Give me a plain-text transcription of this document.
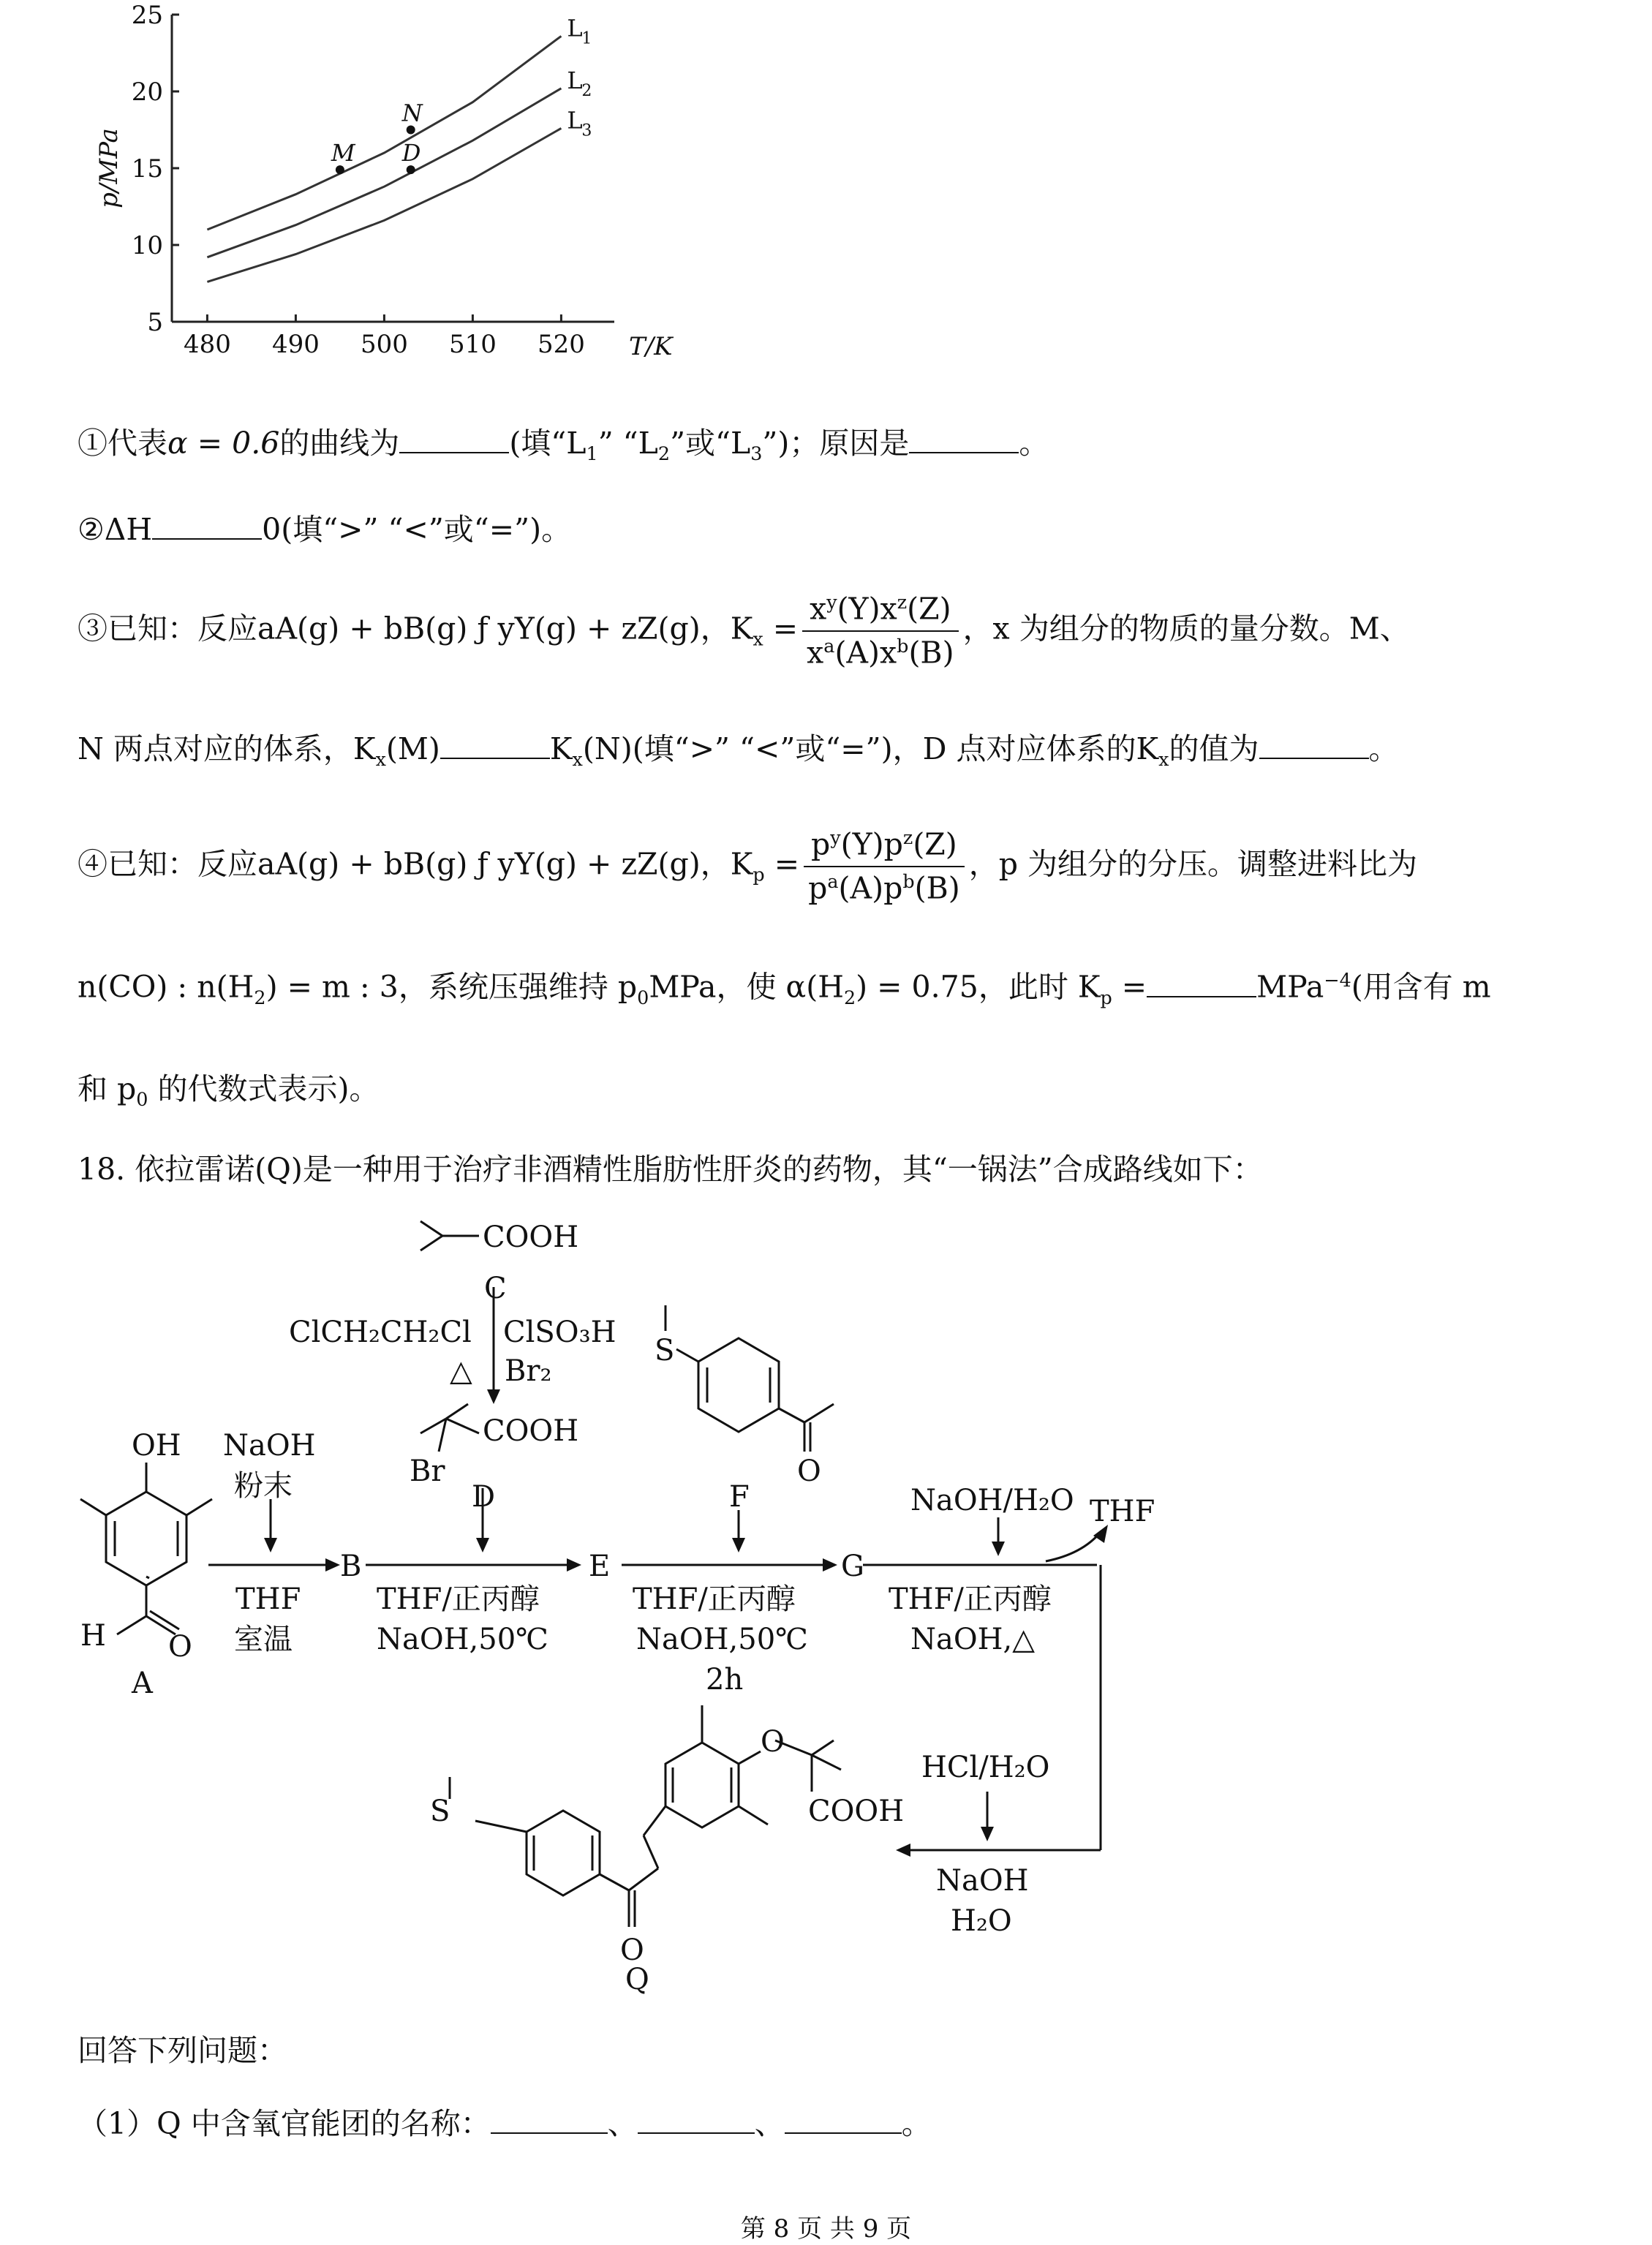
480 490 500 510 520
5
10
15
20
25
T/K
p/MPa
L
1
L
2
L
3
M
N
D
①代表α = 0.6的曲线为	(填“$L_1$” “$L_2$”或“$L_3$”)；原因是	。
②ΔH	0(填“>” “<”或“=”)。
③已知：反应aA(g) + bB(g) ƒ yY(g) + zZ(g)，$K_x = \frac{x^y(Y)x^z(Z)}{x^a(A)x^b(B)}$ ，x 为组分的物质的量分数。M、
N 两点对应的体系，$K_x(M)$	$K_x(N)$(填“>” “<”或“=”)，D 点对应体系的$K_x$的值为	。
④已知：反应aA(g) + bB(g) ƒ yY(g) + zZ(g)，$K_p = \frac{p^y(Y)p^z(Z)}{p^a(A)p^b(B)}$ ，p 为组分的分压。调整进料比为
n(CO) : $n(H_2) = m$ : 3，系统压强维持 $p_0MPa$，使 $\alpha(H_2) = 0.75$，此时 $K_p$ =	MPa$^{-4}$(用含有 m
和 $p_0$ 的代数式表示)。
18. 依拉雷诺(Q)是一种用于治疗非酒精性脂肪性肝炎的药物，其“一锅法”合成路线如下：
COOH
C
ClCH₂CH₂Cl
△
ClSO₃H
Br₂
COOH
Br
D
OH
H O
A
NaOH
粉末
THF
室温
B
THF/正丙醇
NaOH,50℃
E
S
O
F
THF/正丙醇
NaOH,50℃
2h
G
NaOH/H₂O THF
THF/正丙醇
NaOH,△
HCl/H₂O
NaOH
H₂O
S
O
O
COOH
Q
回答下列问题：
（1）Q 中含氧官能团的名称：	、	、	。
第 8 页 共 9 页
